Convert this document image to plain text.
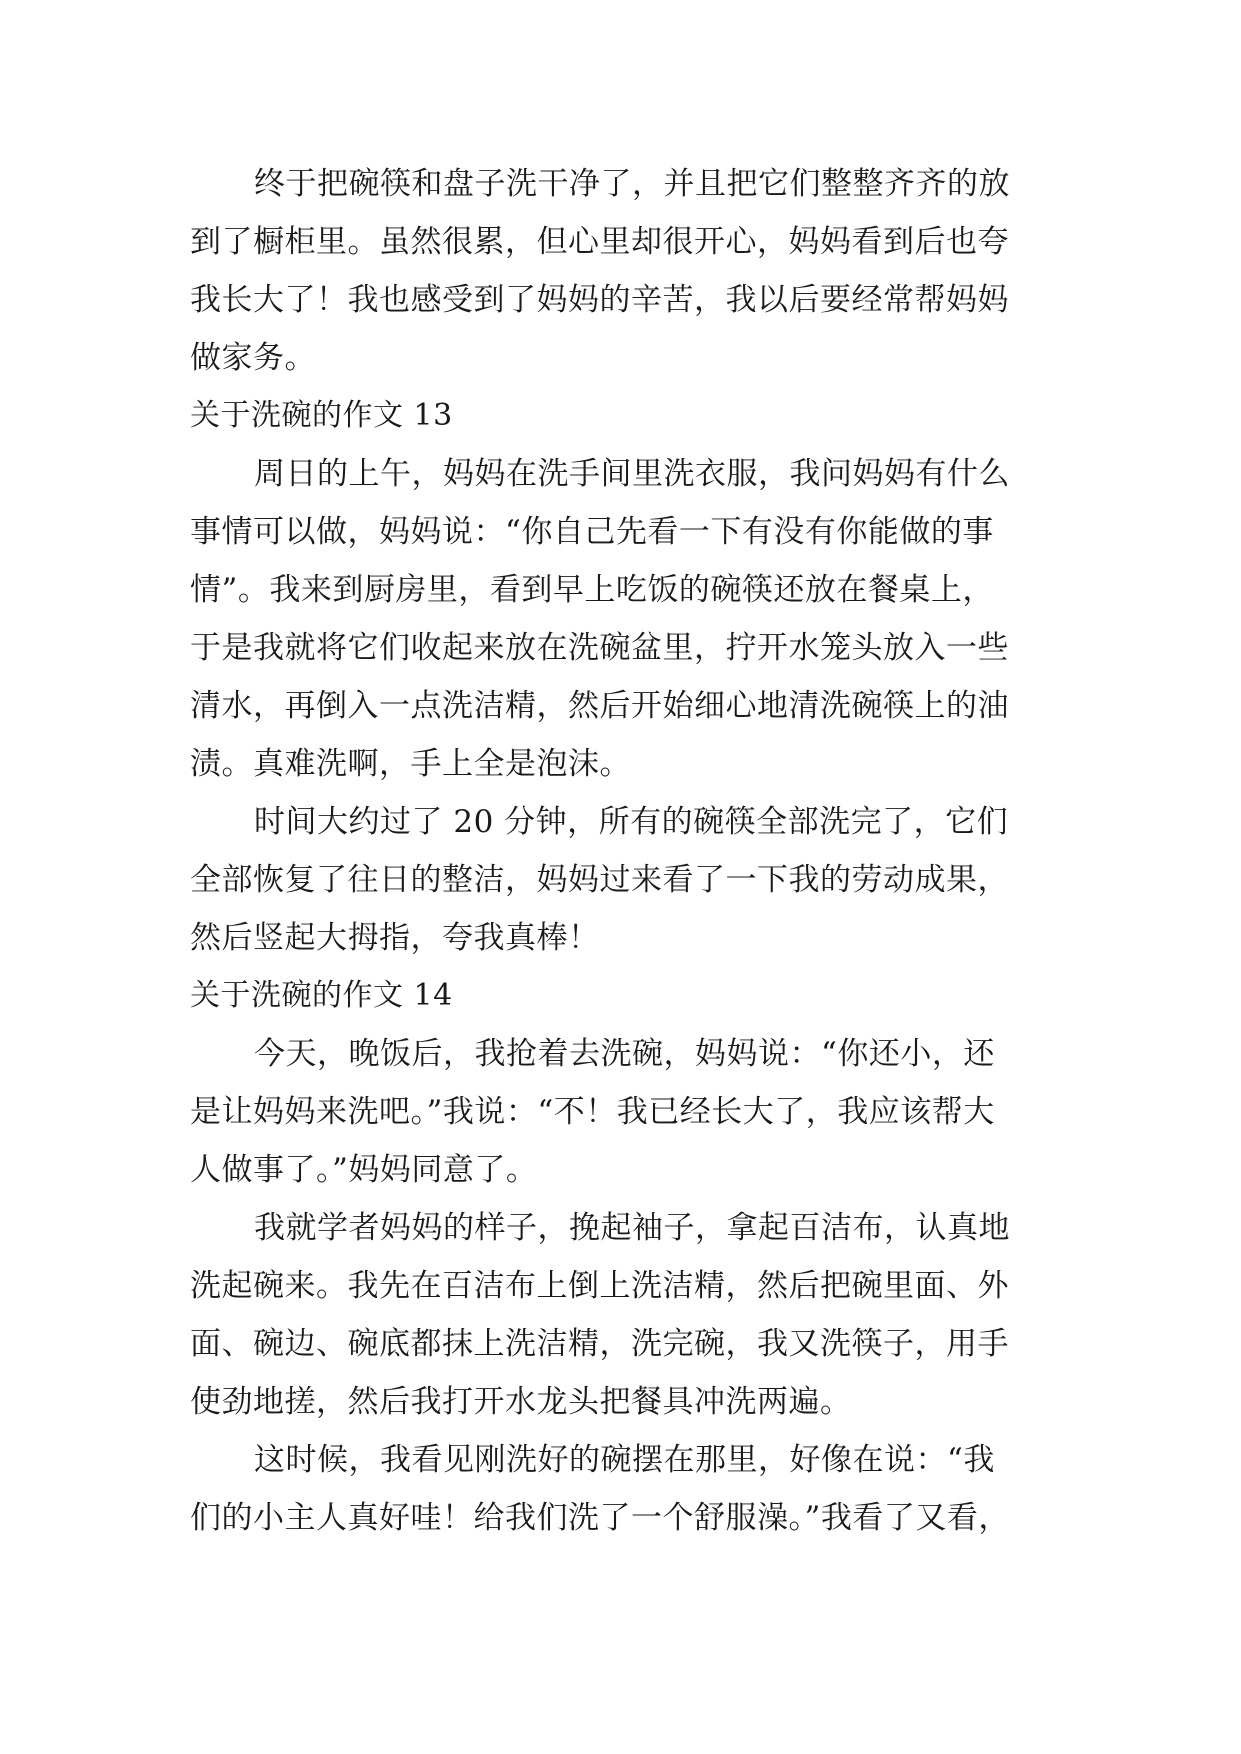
终于把碗筷和盘子洗干净了，并且把它们整整齐齐的放
到了橱柜里。虽然很累，但心里却很开心，妈妈看到后也夸
我长大了！我也感受到了妈妈的辛苦，我以后要经常帮妈妈
做家务。
关于洗碗的作文 13
周日的上午，妈妈在洗手间里洗衣服，我问妈妈有什么
事情可以做，妈妈说：“你自己先看一下有没有你能做的事
情”。我来到厨房里，看到早上吃饭的碗筷还放在餐桌上，
于是我就将它们收起来放在洗碗盆里，拧开水笼头放入一些
清水，再倒入一点洗洁精，然后开始细心地清洗碗筷上的油
渍。真难洗啊，手上全是泡沫。
时间大约过了 20 分钟，所有的碗筷全部洗完了，它们
全部恢复了往日的整洁，妈妈过来看了一下我的劳动成果，
然后竖起大拇指，夸我真棒！
关于洗碗的作文 14
今天，晚饭后，我抢着去洗碗，妈妈说：“你还小，还
是让妈妈来洗吧。”我说：“不！我已经长大了，我应该帮大
人做事了。”妈妈同意了。
我就学者妈妈的样子，挽起袖子，拿起百洁布，认真地
洗起碗来。我先在百洁布上倒上洗洁精，然后把碗里面、外
面、碗边、碗底都抹上洗洁精，洗完碗，我又洗筷子，用手
使劲地搓，然后我打开水龙头把餐具冲洗两遍。
这时候，我看见刚洗好的碗摆在那里，好像在说：“我
们的小主人真好哇！给我们洗了一个舒服澡。”我看了又看，
